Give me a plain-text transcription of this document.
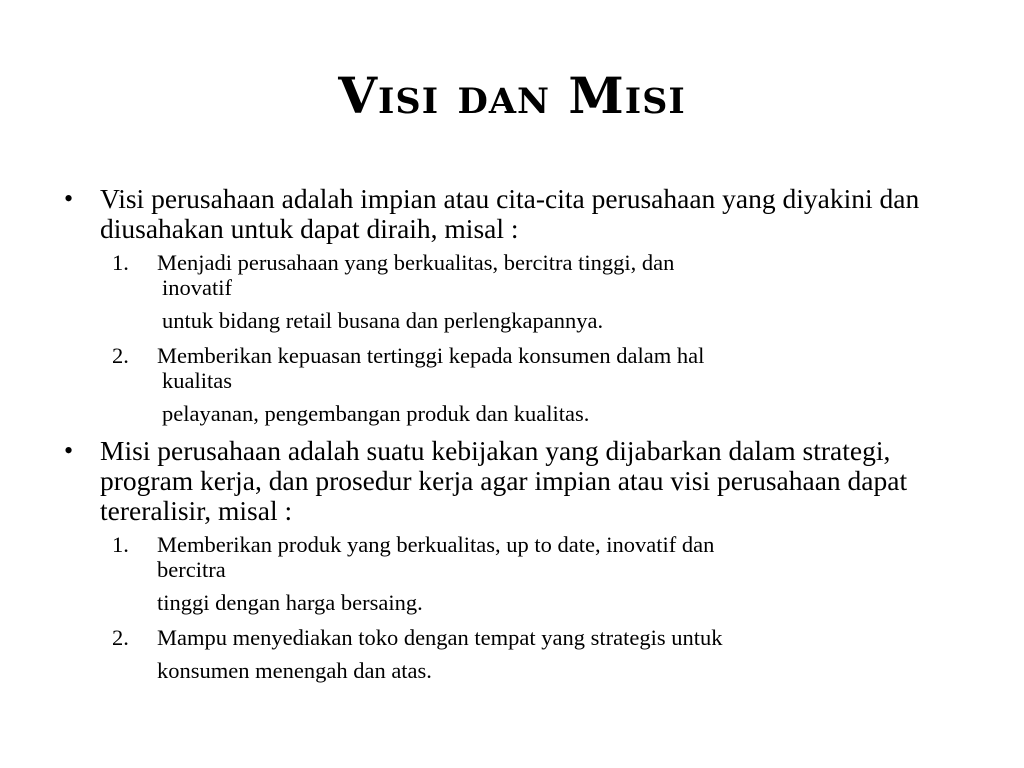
Visi dan Misi
• Visi perusahaan adalah impian atau cita-cita perusahaan yang diyakini dan diusahakan untuk dapat diraih, misal :

1. Menjadi perusahaan yang berkualitas, bercitra tinggi, dan
inovatif
untuk bidang retail busana dan perlengkapannya.
2. Memberikan kepuasan tertinggi kepada konsumen dalam hal
kualitas
pelayanan, pengembangan produk dan kualitas.
• Misi perusahaan adalah suatu kebijakan yang dijabarkan dalam strategi, program kerja, dan prosedur kerja agar impian atau visi perusahaan dapat tereralisir, misal :

1. Memberikan produk yang berkualitas, up to date, inovatif dan
bercitra
tinggi dengan harga bersaing.
2. Mampu menyediakan toko dengan tempat yang strategis untuk
konsumen menengah dan atas.
